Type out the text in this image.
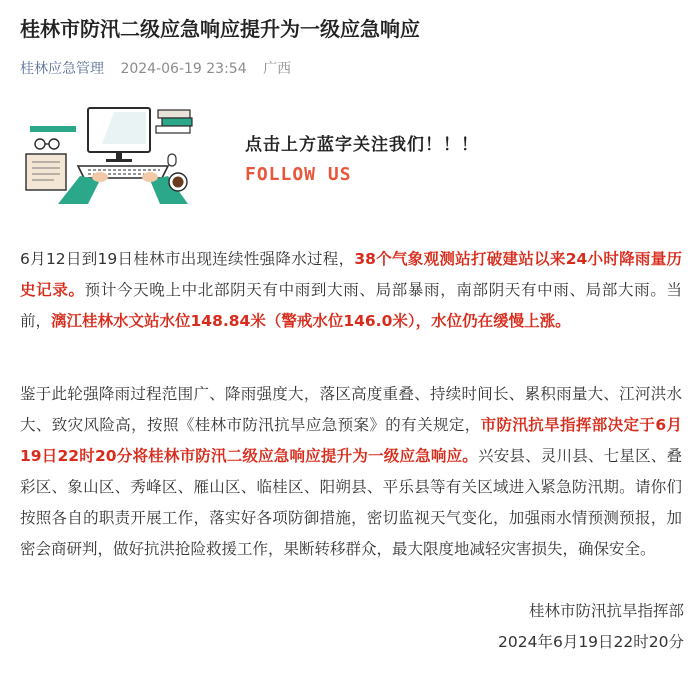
桂林市防汛二级应急响应提升为一级应急响应
桂林应急管理 2024-06-19 23:54 广西
点击上方蓝字关注我们！！！
FOLLOW US

6月12日到19日桂林市出现连续性强降水过程，38个气象观测站打破建站以来24小时降雨量历史记录。预计今天晚上中北部阴天有中雨到大雨、局部暴雨，南部阴天有中雨、局部大雨。当前，漓江桂林水文站水位148.84米（警戒水位146.0米），水位仍在缓慢上涨。

鉴于此轮强降雨过程范围广、降雨强度大，落区高度重叠、持续时间长、累积雨量大、江河洪水大、致灾风险高，按照《桂林市防汛抗旱应急预案》的有关规定，市防汛抗旱指挥部决定于6月19日22时20分将桂林市防汛二级应急响应提升为一级应急响应。兴安县、灵川县、七星区、叠彩区、象山区、秀峰区、雁山区、临桂区、阳朔县、平乐县等有关区域进入紧急防汛期。请你们按照各自的职责开展工作，落实好各项防御措施，密切监视天气变化，加强雨水情预测预报，加密会商研判，做好抗洪抢险救援工作，果断转移群众，最大限度地减轻灾害损失，确保安全。

桂林市防汛抗旱指挥部
2024年6月19日22时20分
